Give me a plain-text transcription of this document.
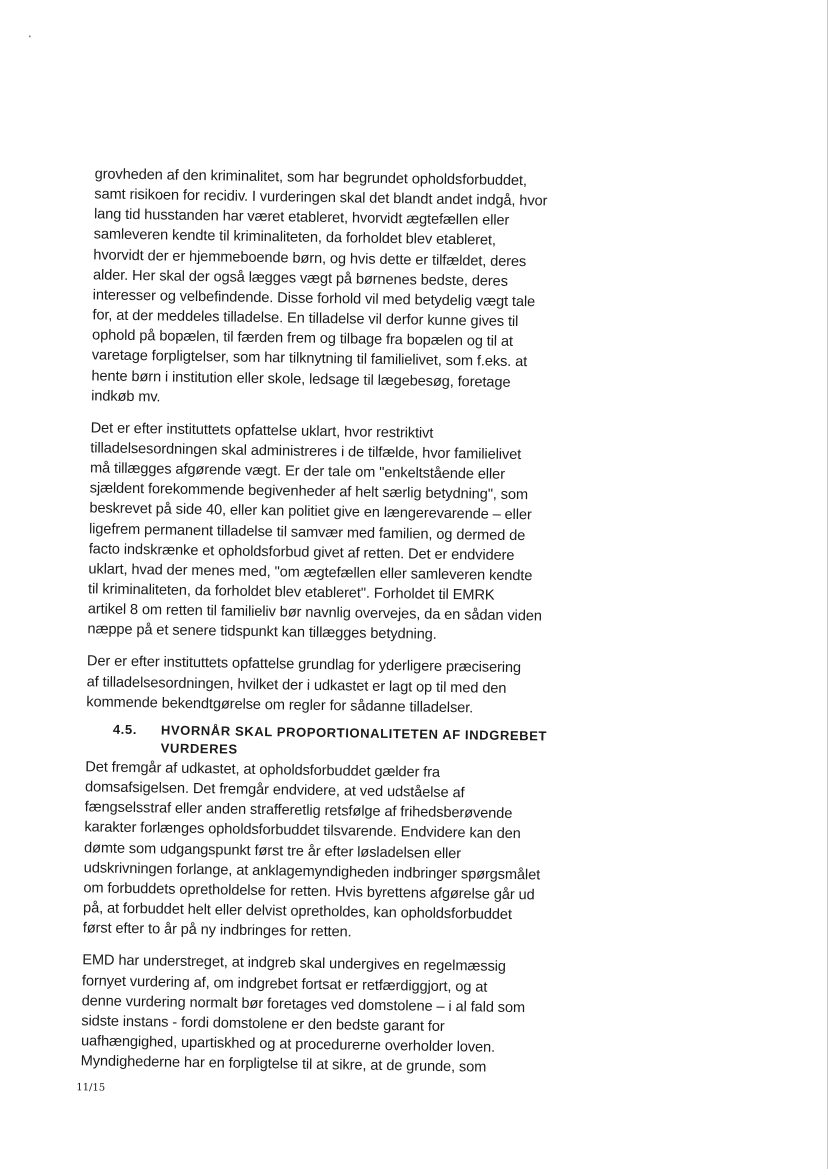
grovheden af den kriminalitet, som har begrundet opholdsforbuddet,
samt risikoen for recidiv. I vurderingen skal det blandt andet indgå, hvor
lang tid husstanden har været etableret, hvorvidt ægtefællen eller
samleveren kendte til kriminaliteten, da forholdet blev etableret,
hvorvidt der er hjemmeboende børn, og hvis dette er tilfældet, deres
alder. Her skal der også lægges vægt på børnenes bedste, deres
interesser og velbefindende. Disse forhold vil med betydelig vægt tale
for, at der meddeles tilladelse. En tilladelse vil derfor kunne gives til
ophold på bopælen, til færden frem og tilbage fra bopælen og til at
varetage forpligtelser, som har tilknytning til familielivet, som f.eks. at
hente børn i institution eller skole, ledsage til lægebesøg, foretage
indkøb mv.
Det er efter instituttets opfattelse uklart, hvor restriktivt
tilladelsesordningen skal administreres i de tilfælde, hvor familielivet
må tillægges afgørende vægt. Er der tale om "enkeltstående eller
sjældent forekommende begivenheder af helt særlig betydning", som
beskrevet på side 40, eller kan politiet give en længerevarende – eller
ligefrem permanent tilladelse til samvær med familien, og dermed de
facto indskrænke et opholdsforbud givet af retten. Det er endvidere
uklart, hvad der menes med, "om ægtefællen eller samleveren kendte
til kriminaliteten, da forholdet blev etableret". Forholdet til EMRK
artikel 8 om retten til familieliv bør navnlig overvejes, da en sådan viden
næppe på et senere tidspunkt kan tillægges betydning.
Der er efter instituttets opfattelse grundlag for yderligere præcisering
af tilladelsesordningen, hvilket der i udkastet er lagt op til med den
kommende bekendtgørelse om regler for sådanne tilladelser.
Det fremgår af udkastet, at opholdsforbuddet gælder fra
domsafsigelsen. Det fremgår endvidere, at ved udståelse af
fængselsstraf eller anden strafferetlig retsfølge af frihedsberøvende
karakter forlænges opholdsforbuddet tilsvarende. Endvidere kan den
dømte som udgangspunkt først tre år efter løsladelsen eller
udskrivningen forlange, at anklagemyndigheden indbringer spørgsmålet
om forbuddets opretholdelse for retten. Hvis byrettens afgørelse går ud
på, at forbuddet helt eller delvist opretholdes, kan opholdsforbuddet
først efter to år på ny indbringes for retten.
EMD har understreget, at indgreb skal undergives en regelmæssig
fornyet vurdering af, om indgrebet fortsat er retfærdiggjort, og at
denne vurdering normalt bør foretages ved domstolene – i al fald som
sidste instans - fordi domstolene er den bedste garant for
uafhængighed, upartiskhed og at procedurerne overholder loven.
Myndighederne har en forpligtelse til at sikre, at de grunde, som
4.5. HVORNÅR SKAL PROPORTIONALITETEN AF INDGREBET
VURDERES
11/15
